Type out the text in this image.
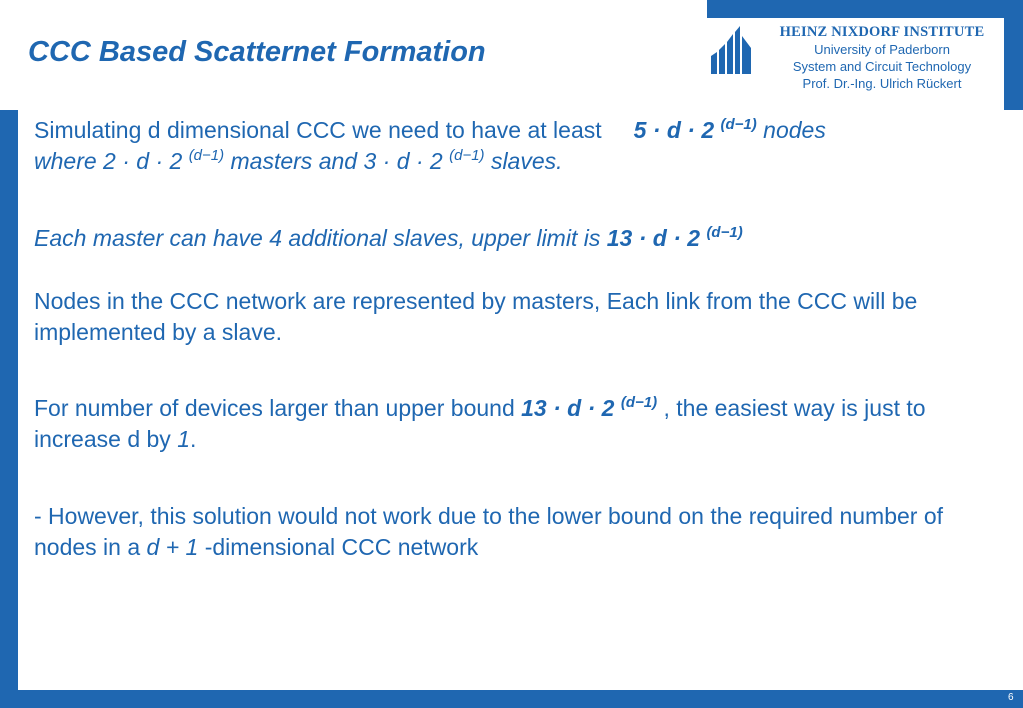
CCC Based Scatternet Formation
HEINZ NIXDORF INSTITUTE
University of Paderborn
System and Circuit Technology
Prof. Dr.-Ing. Ulrich Rückert

Simulating d dimensional CCC we need to have at least 5 · d · 2 $^{(d-1)}$ nodes
where 2 · d · 2 $^{(d-1)}$ masters and 3 · d · 2 $^{(d-1)}$ slaves.

Each master can have 4 additional slaves, upper limit is 13 · d · 2 $^{(d-1)}$

Nodes in the CCC network are represented by masters, Each link from the CCC will be implemented by a slave.

For number of devices larger than upper bound 13 · d · 2 $^{(d-1)}$ , the easiest way is just to increase d by 1.

- However, this solution would not work due to the lower bound on the required number of nodes in a d + 1 -dimensional CCC network

6
